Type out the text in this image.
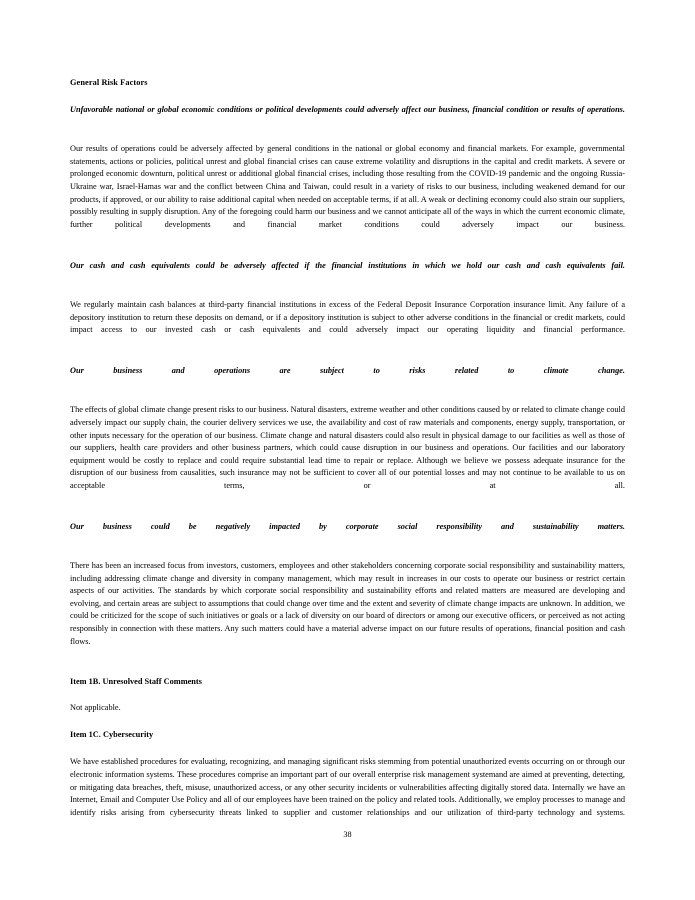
General Risk Factors
Unfavorable national or global economic conditions or political developments could adversely affect our business, financial condition or results of operations.

Our results of operations could be adversely affected by general conditions in the national or global economy and financial markets. For example, governmental statements, actions or policies, political unrest and global financial crises can cause extreme volatility and disruptions in the capital and credit markets. A severe or prolonged economic downturn, political unrest or additional global financial crises, including those resulting from the COVID-19 pandemic and the ongoing Russia-Ukraine war, Israel-Hamas war and the conflict between China and Taiwan, could result in a variety of risks to our business, including weakened demand for our products, if approved, or our ability to raise additional capital when needed on acceptable terms, if at all. A weak or declining economy could also strain our suppliers, possibly resulting in supply disruption. Any of the foregoing could harm our business and we cannot anticipate all of the ways in which the current economic climate, further political developments and financial market conditions could adversely impact our business.

Our cash and cash equivalents could be adversely affected if the financial institutions in which we hold our cash and cash equivalents fail.

We regularly maintain cash balances at third-party financial institutions in excess of the Federal Deposit Insurance Corporation insurance limit. Any failure of a depository institution to return these deposits on demand, or if a depository institution is subject to other adverse conditions in the financial or credit markets, could impact access to our invested cash or cash equivalents and could adversely impact our operating liquidity and financial performance.

Our business and operations are subject to risks related to climate change.

The effects of global climate change present risks to our business. Natural disasters, extreme weather and other conditions caused by or related to climate change could adversely impact our supply chain, the courier delivery services we use, the availability and cost of raw materials and components, energy supply, transportation, or other inputs necessary for the operation of our business. Climate change and natural disasters could also result in physical damage to our facilities as well as those of our suppliers, health care providers and other business partners, which could cause disruption in our business and operations. Our facilities and our laboratory equipment would be costly to replace and could require substantial lead time to repair or replace. Although we believe we possess adequate insurance for the disruption of our business from causalities, such insurance may not be sufficient to cover all of our potential losses and may not continue to be available to us on acceptable terms, or at all.

Our business could be negatively impacted by corporate social responsibility and sustainability matters.

There has been an increased focus from investors, customers, employees and other stakeholders concerning corporate social responsibility and sustainability matters, including addressing climate change and diversity in company management, which may result in increases in our costs to operate our business or restrict certain aspects of our activities. The standards by which corporate social responsibility and sustainability efforts and related matters are measured are developing and evolving, and certain areas are subject to assumptions that could change over time and the extent and severity of climate change impacts are unknown. In addition, we could be criticized for the scope of such initiatives or goals or a lack of diversity on our board of directors or among our executive officers, or perceived as not acting responsibly in connection with these matters. Any such matters could have a material adverse impact on our future results of operations, financial position and cash flows.

Item 1B. Unresolved Staff Comments
Not applicable.
Item 1C. Cybersecurity

We have established procedures for evaluating, recognizing, and managing significant risks stemming from potential unauthorized events occurring on or through our electronic information systems. These procedures comprise an important part of our overall enterprise risk management systemand are aimed at preventing, detecting, or mitigating data breaches, theft, misuse, unauthorized access, or any other security incidents or vulnerabilities affecting digitally stored data. Internally we have an Internet, Email and Computer Use Policy and all of our employees have been trained on the policy and related tools. Additionally, we employ processes to manage and identify risks arising from cybersecurity threats linked to supplier and customer relationships and our utilization of third-party technology and systems.

38
